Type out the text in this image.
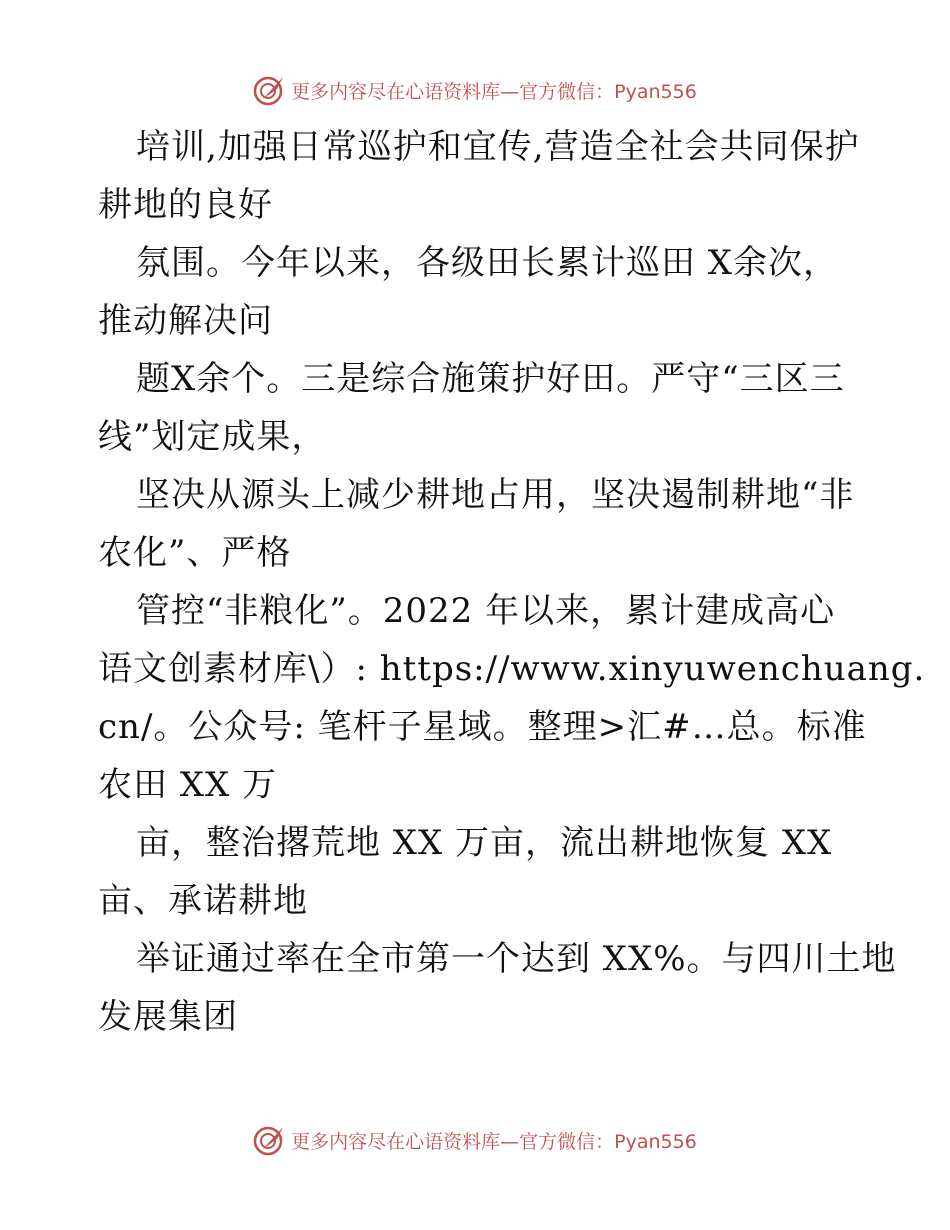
更多内容尽在心语资料库—官方微信：Pyan556
培训,加强日常巡护和宜传,营造全社会共同保护
耕地的良好
氛围。今年以来，各级田长累计巡田 X余次，
推动解决问
题X余个。三是综合施策护好田。严守“三区三
线”划定成果，
坚决从源头上减少耕地占用，坚决遏制耕地“非
农化”、严格
管控“非粮化”。2022 年以来，累计建成高心
语文创素材库\）: https://www.xinyuwenchuang.
cn/。公众号: 笔杆子星域。整理>汇#…总。标准
农田 XX 万
亩，整治撂荒地 XX 万亩，流出耕地恢复 XX
亩、承诺耕地
举证通过率在全市第一个达到 XX%。与四川土地
发展集团
更多内容尽在心语资料库—官方微信：Pyan556
